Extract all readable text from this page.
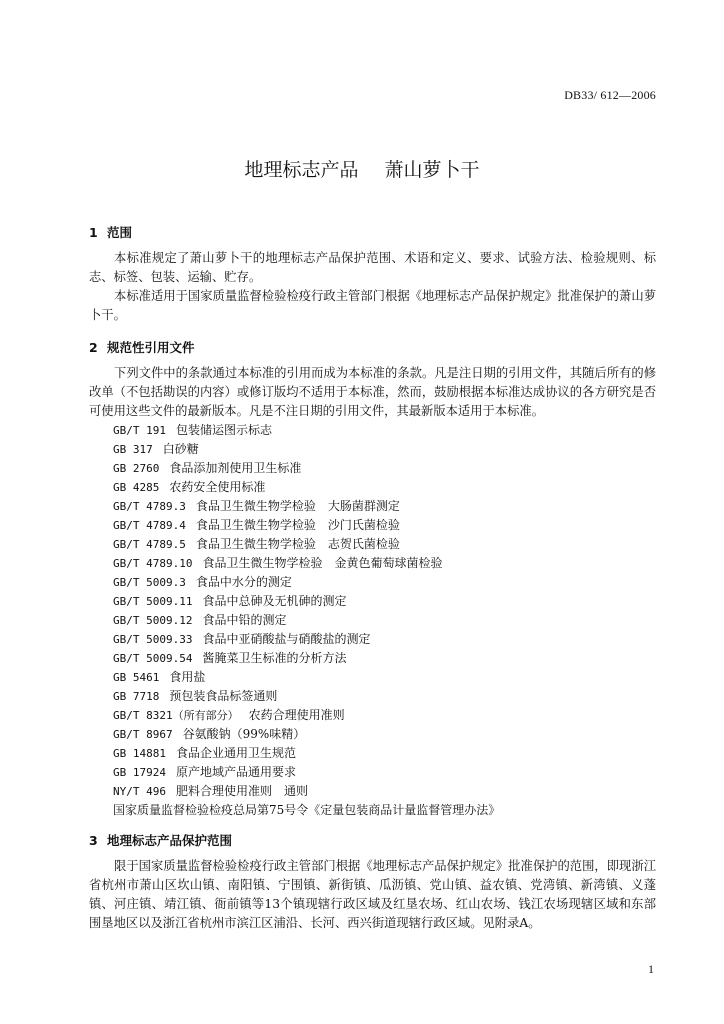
DB33/ 612—2006
地理标志产品 萧山萝卜干
1 范围
本标准规定了萧山萝卜干的地理标志产品保护范围、术语和定义、要求、试验方法、检验规则、标志、标签、包装、运输、贮存。
本标准适用于国家质量监督检验检疫行政主管部门根据《地理标志产品保护规定》批准保护的萧山萝卜干。
2 规范性引用文件
下列文件中的条款通过本标准的引用而成为本标准的条款。凡是注日期的引用文件，其随后所有的修改单（不包括勘误的内容）或修订版均不适用于本标准，然而，鼓励根据本标准达成协议的各方研究是否可使用这些文件的最新版本。凡是不注日期的引用文件，其最新版本适用于本标准。
GB/T 191 包装储运图示标志
GB 317 白砂糖
GB 2760 食品添加剂使用卫生标准
GB 4285 农药安全使用标准
GB/T 4789.3 食品卫生微生物学检验　大肠菌群测定
GB/T 4789.4 食品卫生微生物学检验　沙门氏菌检验
GB/T 4789.5 食品卫生微生物学检验　志贺氏菌检验
GB/T 4789.10 食品卫生微生物学检验　金黄色葡萄球菌检验
GB/T 5009.3 食品中水分的测定
GB/T 5009.11 食品中总砷及无机砷的测定
GB/T 5009.12 食品中铅的测定
GB/T 5009.33 食品中亚硝酸盐与硝酸盐的测定
GB/T 5009.54 酱腌菜卫生标准的分析方法
GB 5461 食用盐
GB 7718 预包装食品标签通则
GB/T 8321（所有部分） 农药合理使用准则
GB/T 8967 谷氨酸钠（99%味精）
GB 14881 食品企业通用卫生规范
GB 17924 原产地域产品通用要求
NY/T 496 肥料合理使用准则　通则
国家质量监督检验检疫总局第75号令《定量包装商品计量监督管理办法》
3 地理标志产品保护范围
限于国家质量监督检验检疫行政主管部门根据《地理标志产品保护规定》批准保护的范围，即现浙江省杭州市萧山区坎山镇、南阳镇、宁围镇、新街镇、瓜沥镇、党山镇、益农镇、党湾镇、新湾镇、义蓬镇、河庄镇、靖江镇、衙前镇等13个镇现辖行政区域及红垦农场、红山农场、钱江农场现辖区域和东部围垦地区以及浙江省杭州市滨江区浦沿、长河、西兴街道现辖行政区域。见附录A。
1
